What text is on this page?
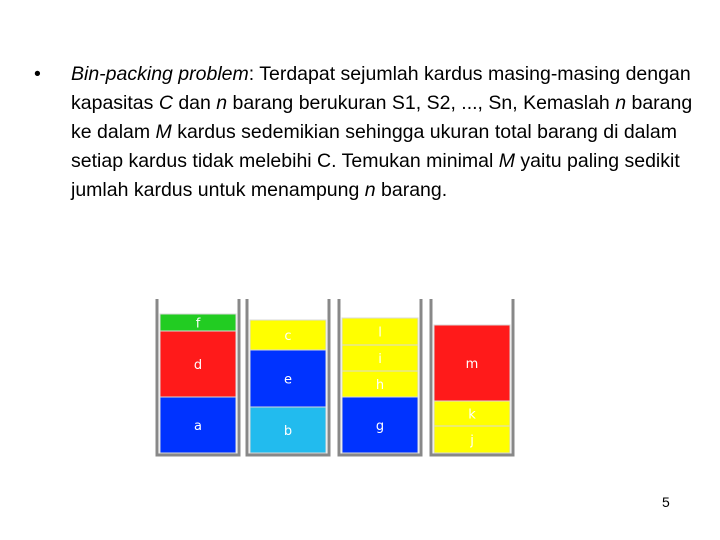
• Bin-packing problem: Terdapat sejumlah kardus masing-masing dengan kapasitas C dan n barang berukuran S1, S2, ..., Sn, Kemaslah n barang ke dalam M kardus sedemikian sehingga ukuran total barang di dalam setiap kardus tidak melebihi C. Temukan minimal M yaitu paling sedikit jumlah kardus untuk menampung n barang.
a
d
f
b
e
c
g
h
i
l
j
k
m
5
